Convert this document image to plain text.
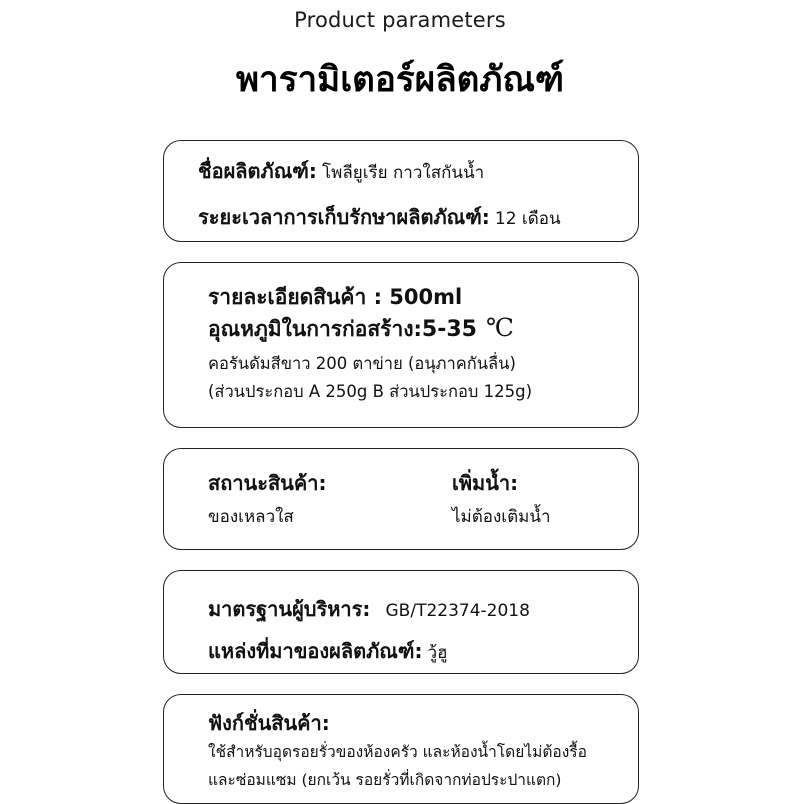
Product parameters
พารามิเตอร์ผลิตภัณฑ์
ชื่อผลิตภัณฑ์: โพลียูเรีย กาวใสกันน้ำ
ระยะเวลาการเก็บรักษาผลิตภัณฑ์: 12 เดือน
รายละเอียดสินค้า : 500ml
อุณหภูมิในการก่อสร้าง:5-35 ℃
คอรันดัมสีขาว 200 ตาข่าย (อนุภาคกันลื่น)
(ส่วนประกอบ A 250g B ส่วนประกอบ 125g)
สถานะสินค้า:
ของเหลวใส
เพิ่มน้ำ:
ไม่ต้องเติมน้ำ
มาตรฐานผู้บริหาร: GB/T22374-2018
แหล่งที่มาของผลิตภัณฑ์: วู้ฮู
ฟังก์ชั่นสินค้า:
ใช้สำหรับอุดรอยรั่วของห้องครัว และห้องน้ำโดยไม่ต้องรื้อ
และซ่อมแซม (ยกเว้น รอยรั่วที่เกิดจากท่อประปาแตก)
